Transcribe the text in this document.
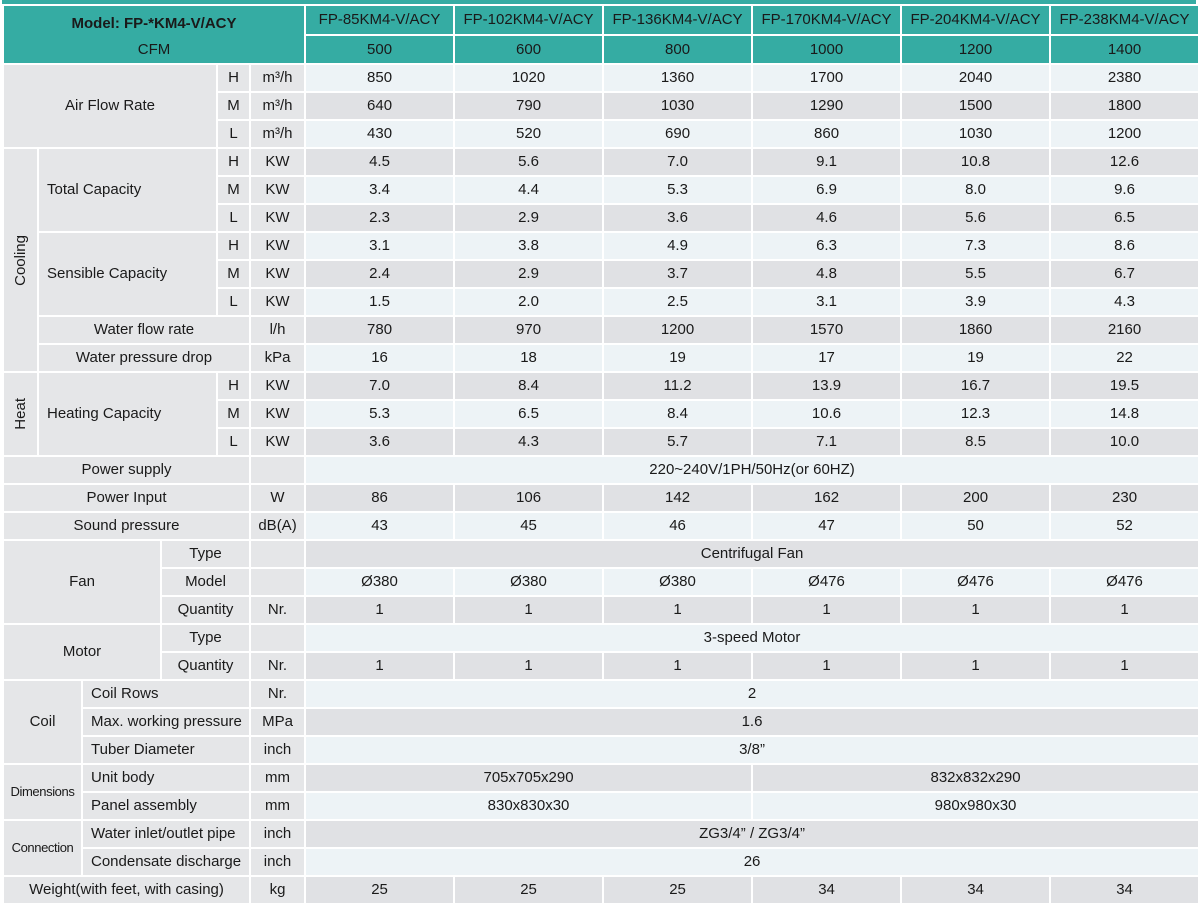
Model: FP-*KM4-V/ACY
CFM						FP-85KM4-V/ACY	FP-102KM4-V/ACY	FP-136KM4-V/ACY	FP-170KM4-V/ACY	FP-204KM4-V/ACY	FP-238KM4-V/ACY
						500	600	800	1000	1200	1400
Air Flow Rate				H	m³/h	850	1020	1360	1700	2040	2380
				M	m³/h	640	790	1030	1290	1500	1800
				L	m³/h	430	520	690	860	1030	1200

Cooling	Total Capacity			H	KW	4.5	5.6	7.0	9.1	10.8	12.6
				M	KW	3.4	4.4	5.3	6.9	8.0	9.6
				L	KW	2.3	2.9	3.6	4.6	5.6	6.5
	Sensible Capacity			H	KW	3.1	3.8	4.9	6.3	7.3	8.6
				M	KW	2.4	2.9	3.7	4.8	5.5	6.7
				L	KW	1.5	2.0	2.5	3.1	3.9	4.3
	Water flow rate				l/h	780	970	1200	1570	1860	2160
	Water pressure drop				kPa	16	18	19	17	19	22

Heat	Heating Capacity			H	KW	7.0	8.4	11.2	13.9	16.7	19.5
				M	KW	5.3	6.5	8.4	10.6	12.3	14.8
				L	KW	3.6	4.3	5.7	7.1	8.5	10.0
Power supply						220~240V/1PH/50Hz(or 60HZ)					
Power Input					W	86	106	142	162	200	230
Sound pressure					dB(A)	43	45	46	47	50	52
Fan			Type			Centrifugal Fan					
			Model			Ø380	Ø380	Ø380	Ø476	Ø476	Ø476
			Quantity		Nr.	1	1	1	1	1	1
Motor			Type			3-speed Motor					
			Quantity		Nr.	1	1	1	1	1	1
Coil		Coil Rows			Nr.	2					
		Max. working pressure			MPa	1.6					
		Tuber Diameter			inch	3/8”					
Dimensions		Unit body			mm	705x705x290			832x832x290		
		Panel assembly			mm	830x830x30			980x980x30		
Connection		Water inlet/outlet pipe			inch	ZG3/4” / ZG3/4”					
		Condensate discharge			inch	26					
Weight(with feet, with casing)					kg	25	25	25	34	34	34
